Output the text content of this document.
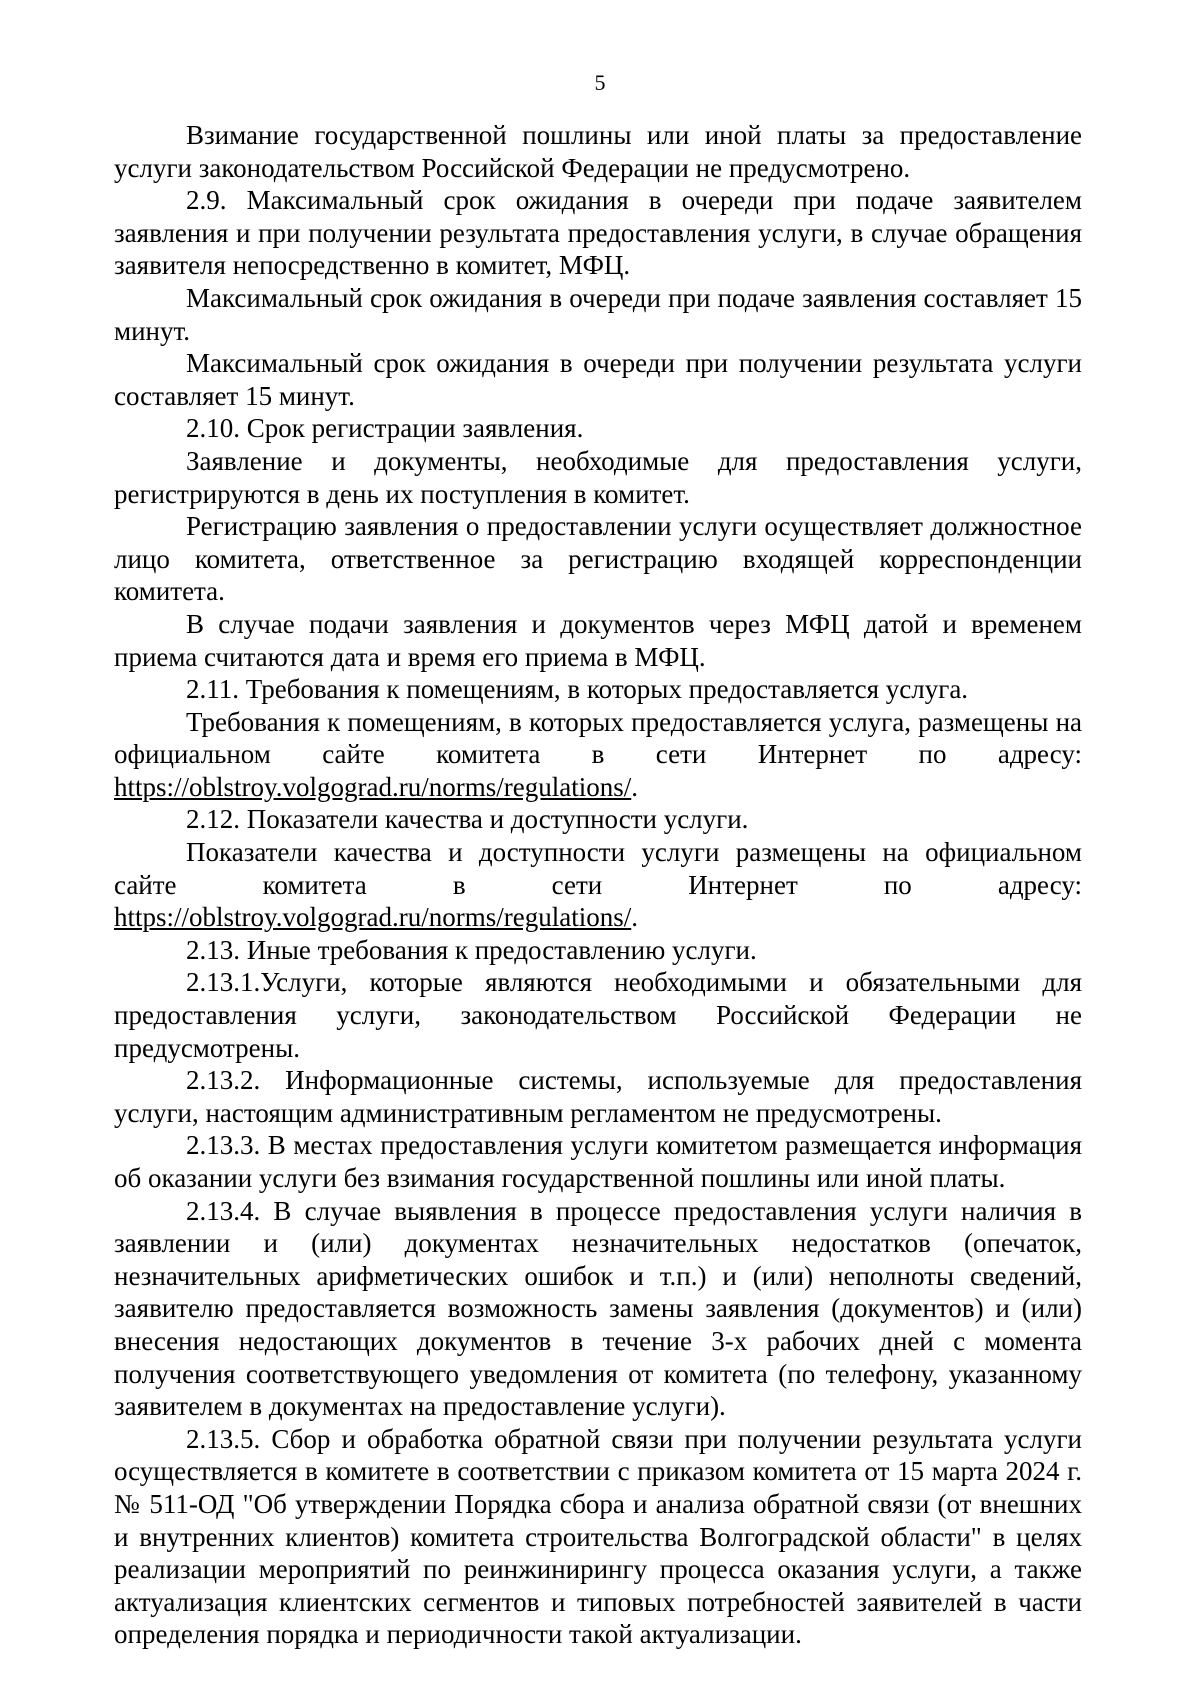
5

Взимание государственной пошлины или иной платы за предоставление услуги законодательством Российской Федерации не предусмотрено.

2.9. Максимальный срок ожидания в очереди при подаче заявителем заявления и при получении результата предоставления услуги, в случае обращения заявителя непосредственно в комитет, МФЦ.

Максимальный срок ожидания в очереди при подаче заявления составляет 15 минут.

Максимальный срок ожидания в очереди при получении результата услуги составляет 15 минут.

2.10. Срок регистрации заявления.

Заявление и документы, необходимые для предоставления услуги, регистрируются в день их поступления в комитет.

Регистрацию заявления о предоставлении услуги осуществляет должностное лицо комитета, ответственное за регистрацию входящей корреспонденции комитета.

В случае подачи заявления и документов через МФЦ датой и временем приема считаются дата и время его приема в МФЦ.

2.11. Требования к помещениям, в которых предоставляется услуга.

Требования к помещениям, в которых предоставляется услуга, размещены на официальном сайте комитета в сети Интернет по адресу: https://oblstroy.volgograd.ru/norms/regulations/.

2.12. Показатели качества и доступности услуги.

Показатели качества и доступности услуги размещены на официальном сайте комитета в сети Интернет по адресу: https://oblstroy.volgograd.ru/norms/regulations/.

2.13. Иные требования к предоставлению услуги.

2.13.1.Услуги, которые являются необходимыми и обязательными для предоставления услуги, законодательством Российской Федерации не предусмотрены.

2.13.2. Информационные системы, используемые для предоставления услуги, настоящим административным регламентом не предусмотрены.

2.13.3. В местах предоставления услуги комитетом размещается информация об оказании услуги без взимания государственной пошлины или иной платы.

2.13.4. В случае выявления в процессе предоставления услуги наличия в заявлении и (или) документах незначительных недостатков (опечаток, незначительных арифметических ошибок и т.п.) и (или) неполноты сведений, заявителю предоставляется возможность замены заявления (документов) и (или) внесения недостающих документов в течение 3-х рабочих дней с момента получения соответствующего уведомления от комитета (по телефону, указанному заявителем в документах на предоставление услуги).

2.13.5. Сбор и обработка обратной связи при получении результата услуги осуществляется в комитете в соответствии с приказом комитета от 15 марта 2024 г. № 511-ОД "Об утверждении Порядка сбора и анализа обратной связи (от внешних и внутренних клиентов) комитета строительства Волгоградской области" в целях реализации мероприятий по реинжинирингу процесса оказания услуги, а также актуализация клиентских сегментов и типовых потребностей заявителей в части определения порядка и периодичности такой актуализации.
